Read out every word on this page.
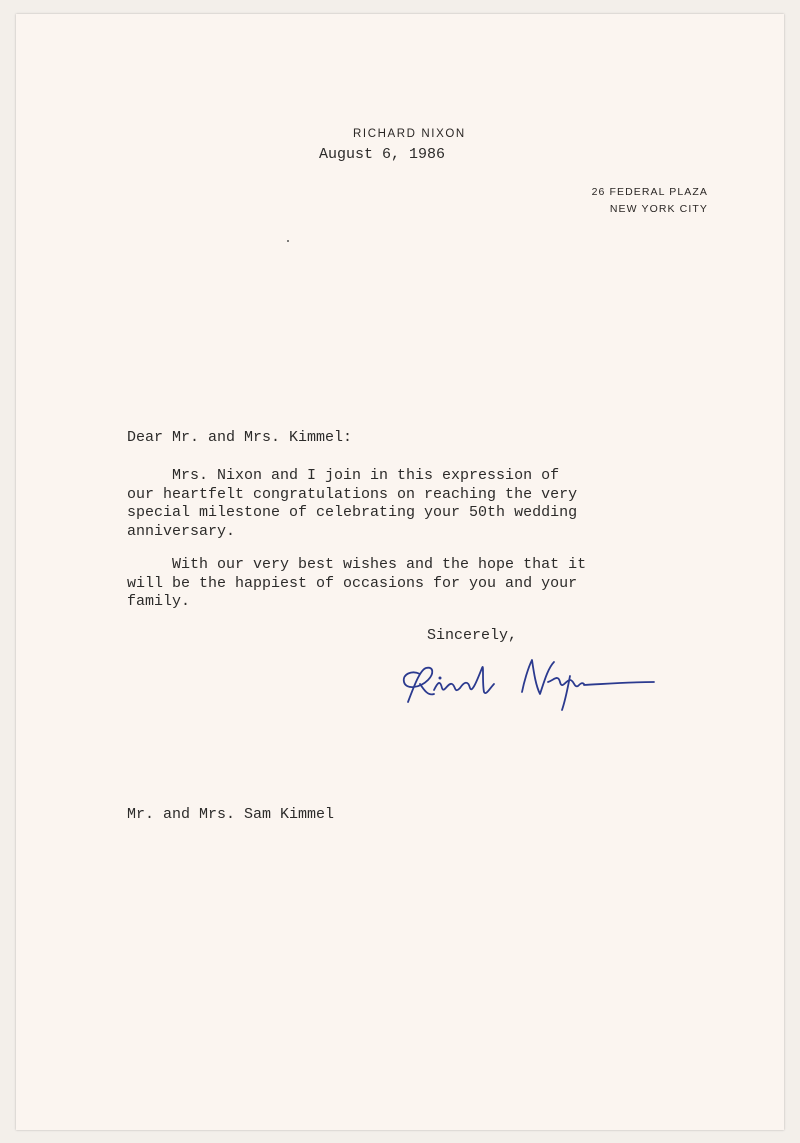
RICHARD NIXON
26 FEDERAL PLAZA
NEW YORK CITY
August 6, 1986
Dear Mr. and Mrs. Kimmel:
Mrs. Nixon and I join in this expression of
our heartfelt congratulations on reaching the very
special milestone of celebrating your 50th wedding
anniversary.
With our very best wishes and the hope that it
will be the happiest of occasions for you and your
family.
Sincerely,
Mr. and Mrs. Sam Kimmel
